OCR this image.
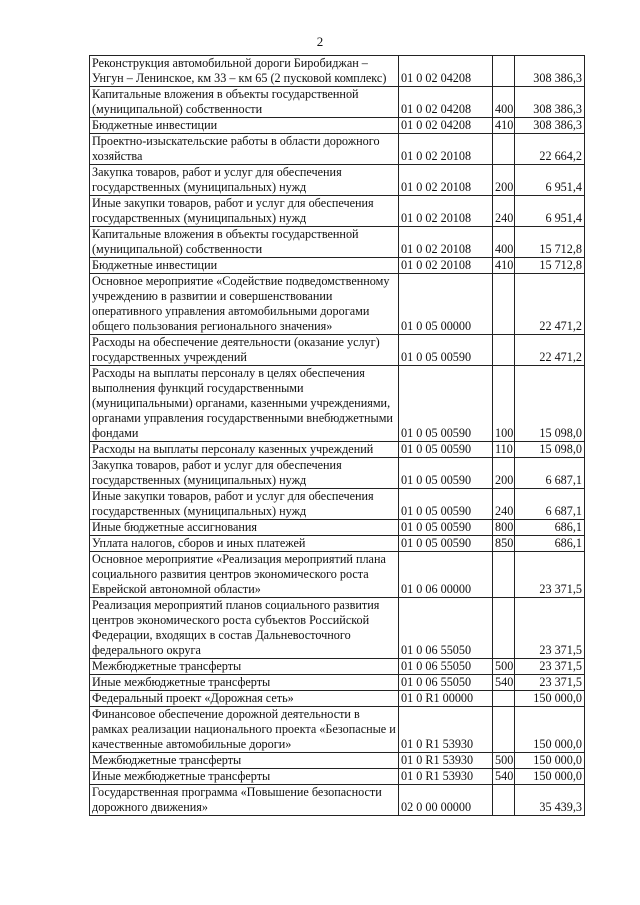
2
Реконструкция автомобильной дороги Биробиджан – Унгун – Ленинское, км 33 – км 65 (2 пусковой комплекс)	01 0 02 04208		308 386,3
Капитальные вложения в объекты государственной (муниципальной) собственности	01 0 02 04208	400	308 386,3
Бюджетные инвестиции	01 0 02 04208	410	308 386,3
Проектно-изыскательские работы в области дорожного хозяйства	01 0 02 20108		22 664,2
Закупка товаров, работ и услуг для обеспечения государственных (муниципальных) нужд	01 0 02 20108	200	6 951,4
Иные закупки товаров, работ и услуг для обеспечения государственных (муниципальных) нужд	01 0 02 20108	240	6 951,4
Капитальные вложения в объекты государственной (муниципальной) собственности	01 0 02 20108	400	15 712,8
Бюджетные инвестиции	01 0 02 20108	410	15 712,8
Основное мероприятие «Содействие подведомственному учреждению в развитии и совершенствовании оперативного управления автомобильными дорогами общего пользования регионального значения»	01 0 05 00000		22 471,2
Расходы на обеспечение деятельности (оказание услуг) государственных учреждений	01 0 05 00590		22 471,2
Расходы на выплаты персоналу в целях обеспечения выполнения функций государственными (муниципальными) органами, казенными учреждениями, органами управления государственными внебюджетными фондами	01 0 05 00590	100	15 098,0
Расходы на выплаты персоналу казенных учреждений	01 0 05 00590	110	15 098,0
Закупка товаров, работ и услуг для обеспечения государственных (муниципальных) нужд	01 0 05 00590	200	6 687,1
Иные закупки товаров, работ и услуг для обеспечения государственных (муниципальных) нужд	01 0 05 00590	240	6 687,1
Иные бюджетные ассигнования	01 0 05 00590	800	686,1
Уплата налогов, сборов и иных платежей	01 0 05 00590	850	686,1
Основное мероприятие «Реализация мероприятий плана социального развития центров экономического роста Еврейской автономной области»	01 0 06 00000		23 371,5
Реализация мероприятий планов социального развития центров экономического роста субъектов Российской Федерации, входящих в состав Дальневосточного федерального округа	01 0 06 55050		23 371,5
Межбюджетные трансферты	01 0 06 55050	500	23 371,5
Иные межбюджетные трансферты	01 0 06 55050	540	23 371,5
Федеральный проект «Дорожная сеть»	01 0 R1 00000		150 000,0
Финансовое обеспечение дорожной деятельности в рамках реализации национального проекта «Безопасные и качественные автомобильные дороги»	01 0 R1 53930		150 000,0
Межбюджетные трансферты	01 0 R1 53930	500	150 000,0
Иные межбюджетные трансферты	01 0 R1 53930	540	150 000,0
Государственная программа «Повышение безопасности дорожного движения»	02 0 00 00000		35 439,3
